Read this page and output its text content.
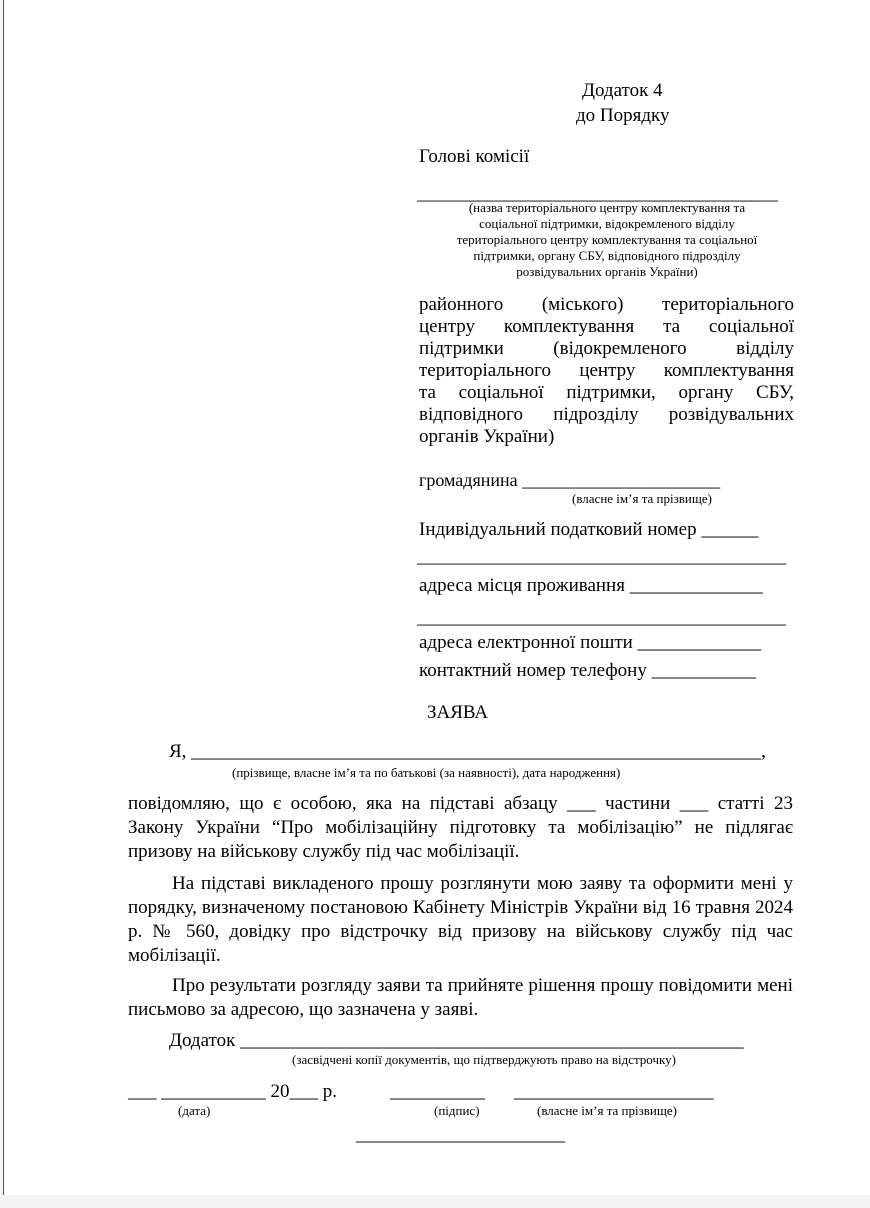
Додаток 4
до Порядку
Голові комісії
_________________________________________
(назва територіального центру комплектування та
соціальної підтримки, відокремленого відділу
територіального центру комплектування та соціальної
підтримки, органу СБУ, відповідного підрозділу
розвідувальних органів України)
районного (міського) територіального
центру комплектування та соціальної
підтримки (відокремленого відділу
територіального центру комплектування
та соціальної підтримки, органу СБУ,
відповідного підрозділу розвідувальних
органів України)
громадянина ______________________
(власне ім’я та прізвище)
Індивідуальний податковий номер ______
_________________________________________
адреса місця проживання ______________
_________________________________________
адреса електронної пошти _____________
контактний номер телефону ___________
ЗАЯВА
Я, ____________________________________________________________,
(прізвище, власне ім’я та по батькові (за наявності), дата народження)
повідомляю, що є особою, яка на підставі абзацу ___ частини ___ статті 23 Закону України “Про мобілізаційну підготовку та мобілізацію” не підлягає призову на військову службу під час мобілізації.
На підставі викладеного прошу розглянути мою заяву та оформити мені у порядку, визначеному постановою Кабінету Міністрів України від 16 травня 2024 р. № 560, довідку про відстрочку від призову на військову службу під час мобілізації.
Про результати розгляду заяви та прийняте рішення прошу повідомити мені письмово за адресою, що зазначена у заяві.
Додаток _____________________________________________________
(засвідчені копії документів, що підтверджують право на відстрочку)
___ ___________ 20___ р.	__________ _____________________
(дата)	(підпис)	(власне ім’я та прізвище)
______________________
